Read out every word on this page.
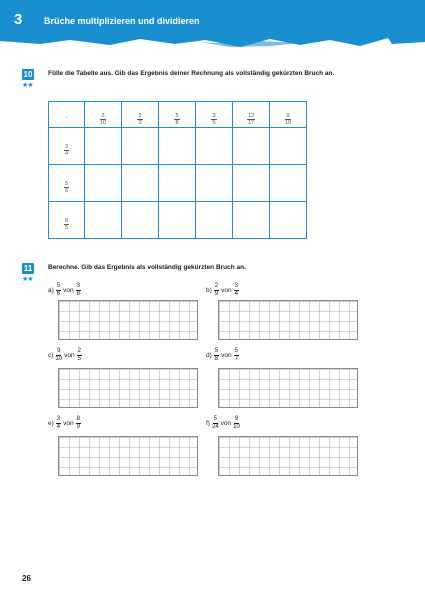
3 Brüche multiplizieren und dividieren
10
★★
Fülle die Tabelle aus. Gib das Ergebnis deiner Rechnung als vollständig gekürzten Bruch an.
·	$\frac{3}{10}$	$\frac{2}{3}$	$\frac{5}{8}$	$\frac{3}{5}$	$\frac{12}{17}$	$\frac{9}{10}$

$\frac{3}{4}$

$\frac{5}{6}$

$\frac{8}{5}$

11
★★
Berechne. Gib das Ergebnis als vollständig gekürzten Bruch an.
$a) \frac{5}{6}$ von $\frac{3}{8}$	$b) \frac{2}{9}$ von $\frac{3}{4}$
$c) \frac{9}{10}$ von $\frac{2}{5}$	$d) \frac{5}{8}$ von $\frac{5}{7}$
$e) \frac{3}{4}$ von $\frac{8}{9}$	$f) \frac{5}{24}$ von $\frac{9}{10}$
26
